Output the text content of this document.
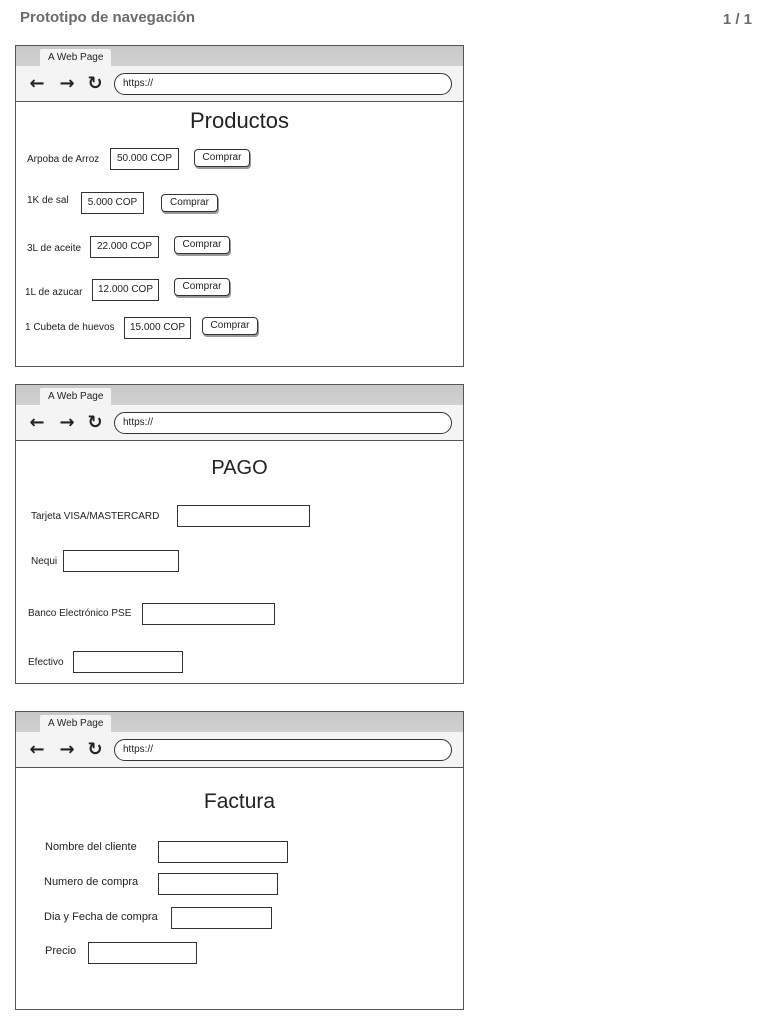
Prototipo de navegación	1 / 1
A Web Page
← → ↻	https://
Productos
Arpoba de Arroz	50.000 COP	Comprar
1K de sal	5.000 COP	Comprar
3L de aceite	22.000 COP	Comprar
1L de azucar	12.000 COP	Comprar
1 Cubeta de huevos	15.000 COP	Comprar
A Web Page
← → ↻	https://
PAGO
Tarjeta VISA/MASTERCARD
Nequi
Banco Electrónico PSE
Efectivo
A Web Page
← → ↻	https://
Factura
Nombre del cliente
Numero de compra
Dia y Fecha de compra
Precio
